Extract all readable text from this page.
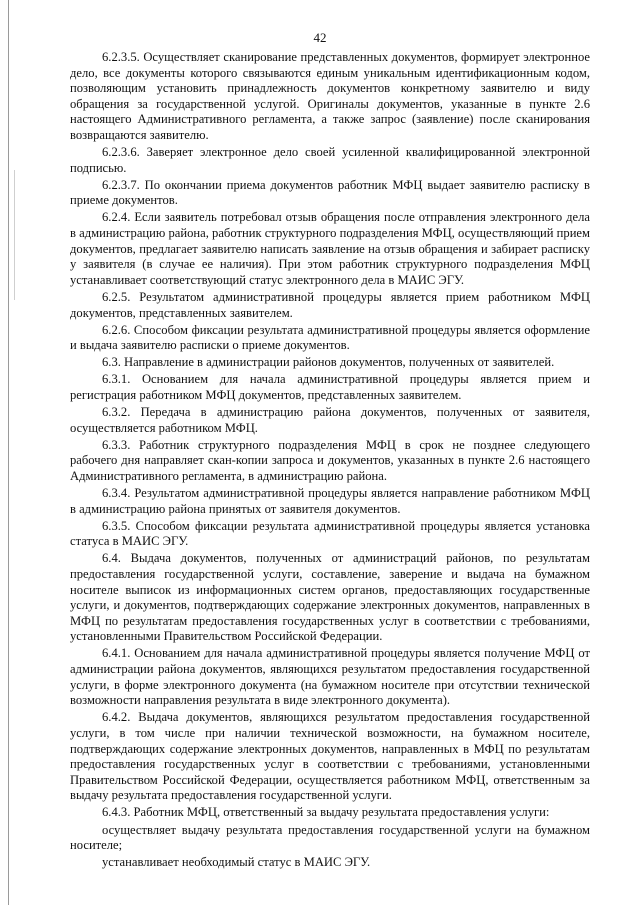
42

6.2.3.5. Осуществляет сканирование представленных документов, формирует электронное дело, все документы которого связываются единым уникальным идентификационным кодом, позволяющим установить принадлежность документов конкретному заявителю и виду обращения за государственной услугой. Оригиналы документов, указанные в пункте 2.6 настоящего Административного регламента, а также запрос (заявление) после сканирования возвращаются заявителю.

6.2.3.6. Заверяет электронное дело своей усиленной квалифицированной электронной подписью.

6.2.3.7. По окончании приема документов работник МФЦ выдает заявителю расписку в приеме документов.

6.2.4. Если заявитель потребовал отзыв обращения после отправления электронного дела в администрацию района, работник структурного подразделения МФЦ, осуществляющий прием документов, предлагает заявителю написать заявление на отзыв обращения и забирает расписку у заявителя (в случае ее наличия). При этом работник структурного подразделения МФЦ устанавливает соответствующий статус электронного дела в МАИС ЭГУ.

6.2.5. Результатом административной процедуры является прием работником МФЦ документов, представленных заявителем.

6.2.6. Способом фиксации результата административной процедуры является оформление и выдача заявителю расписки о приеме документов.

6.3. Направление в администрации районов документов, полученных от заявителей.

6.3.1. Основанием для начала административной процедуры является прием и регистрация работником МФЦ документов, представленных заявителем.

6.3.2. Передача в администрацию района документов, полученных от заявителя, осуществляется работником МФЦ.

6.3.3. Работник структурного подразделения МФЦ в срок не позднее следующего рабочего дня направляет скан-копии запроса и документов, указанных в пункте 2.6 настоящего Административного регламента, в администрацию района.

6.3.4. Результатом административной процедуры является направление работником МФЦ в администрацию района принятых от заявителя документов.

6.3.5. Способом фиксации результата административной процедуры является установка статуса в МАИС ЭГУ.

6.4. Выдача документов, полученных от администраций районов, по результатам предоставления государственной услуги, составление, заверение и выдача на бумажном носителе выписок из информационных систем органов, предоставляющих государственные услуги, и документов, подтверждающих содержание электронных документов, направленных в МФЦ по результатам предоставления государственных услуг в соответствии с требованиями, установленными Правительством Российской Федерации.

6.4.1. Основанием для начала административной процедуры является получение МФЦ от администрации района документов, являющихся результатом предоставления государственной услуги, в форме электронного документа (на бумажном носителе при отсутствии технической возможности направления результата в виде электронного документа).

6.4.2. Выдача документов, являющихся результатом предоставления государственной услуги, в том числе при наличии технической возможности, на бумажном носителе, подтверждающих содержание электронных документов, направленных в МФЦ по результатам предоставления государственных услуг в соответствии с требованиями, установленными Правительством Российской Федерации, осуществляется работником МФЦ, ответственным за выдачу результата предоставления государственной услуги.

6.4.3. Работник МФЦ, ответственный за выдачу результата предоставления услуги:

осуществляет выдачу результата предоставления государственной услуги на бумажном носителе;

устанавливает необходимый статус в МАИС ЭГУ.
